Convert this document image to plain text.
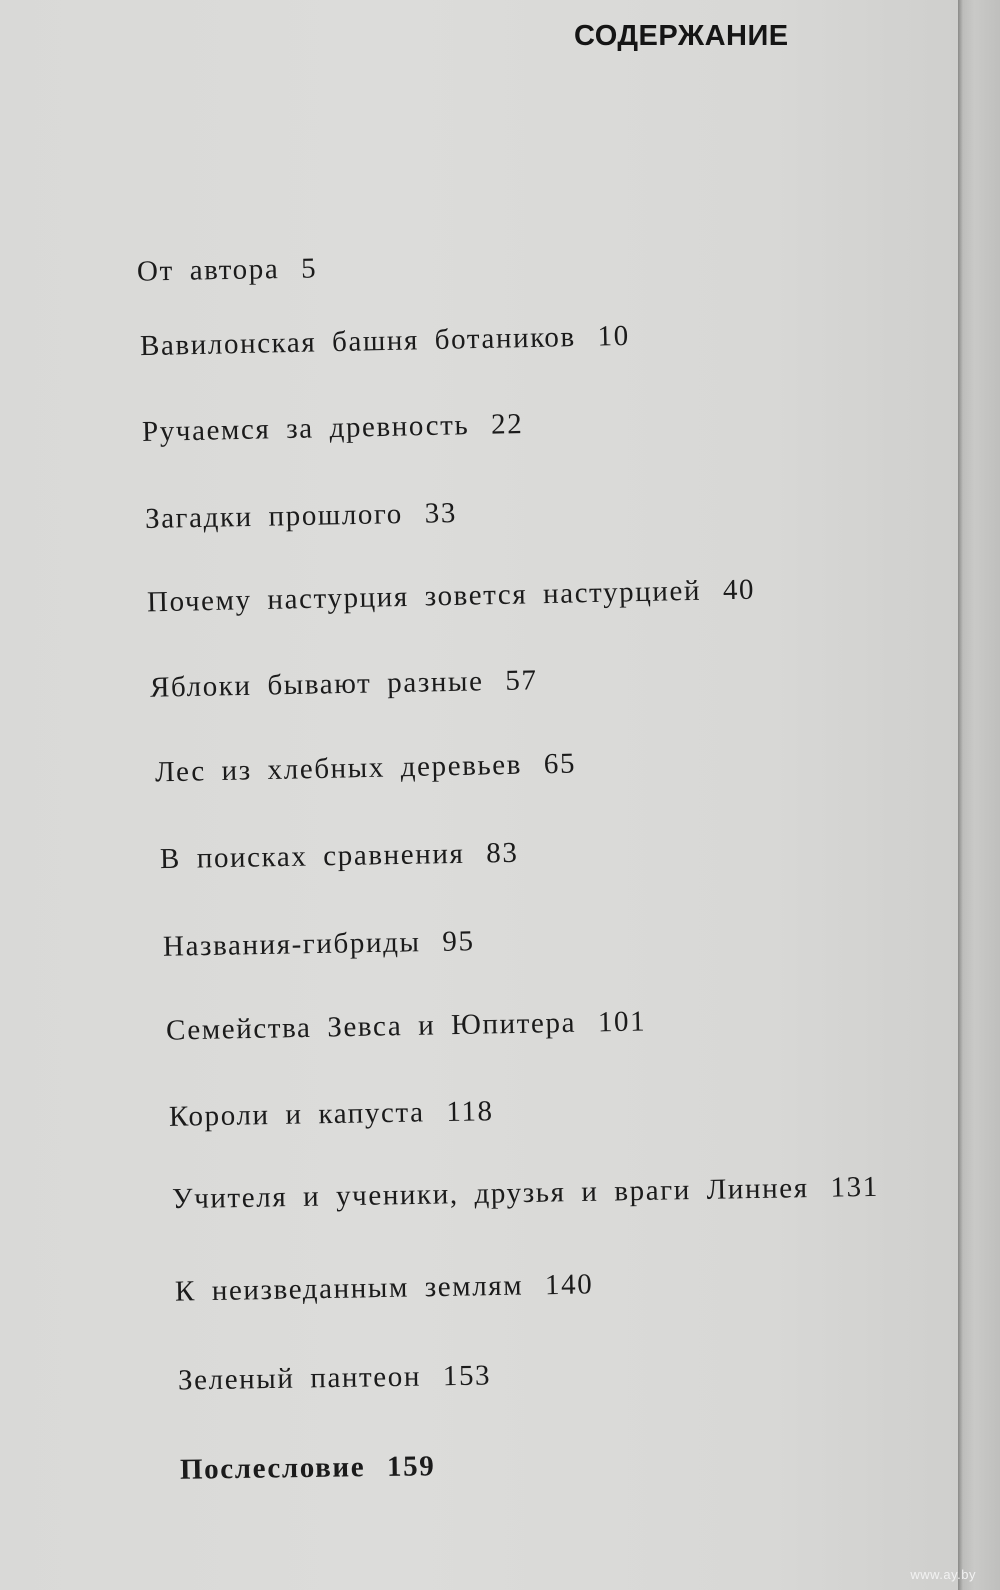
СОДЕРЖАНИЕ
От автора 5
Вавилонская башня ботаников 10
Ручаемся за древность 22
Загадки прошлого 33
Почему настурция зовется настурцией 40
Яблоки бывают разные 57
Лес из хлебных деревьев 65
В поисках сравнения 83
Названия-гибриды 95
Семейства Зевса и Юпитера 101
Короли и капуста 118
Учителя и ученики, друзья и враги Линнея 131
К неизведанным землям 140
Зеленый пантеон 153
Послесловие 159
www.ay.by
